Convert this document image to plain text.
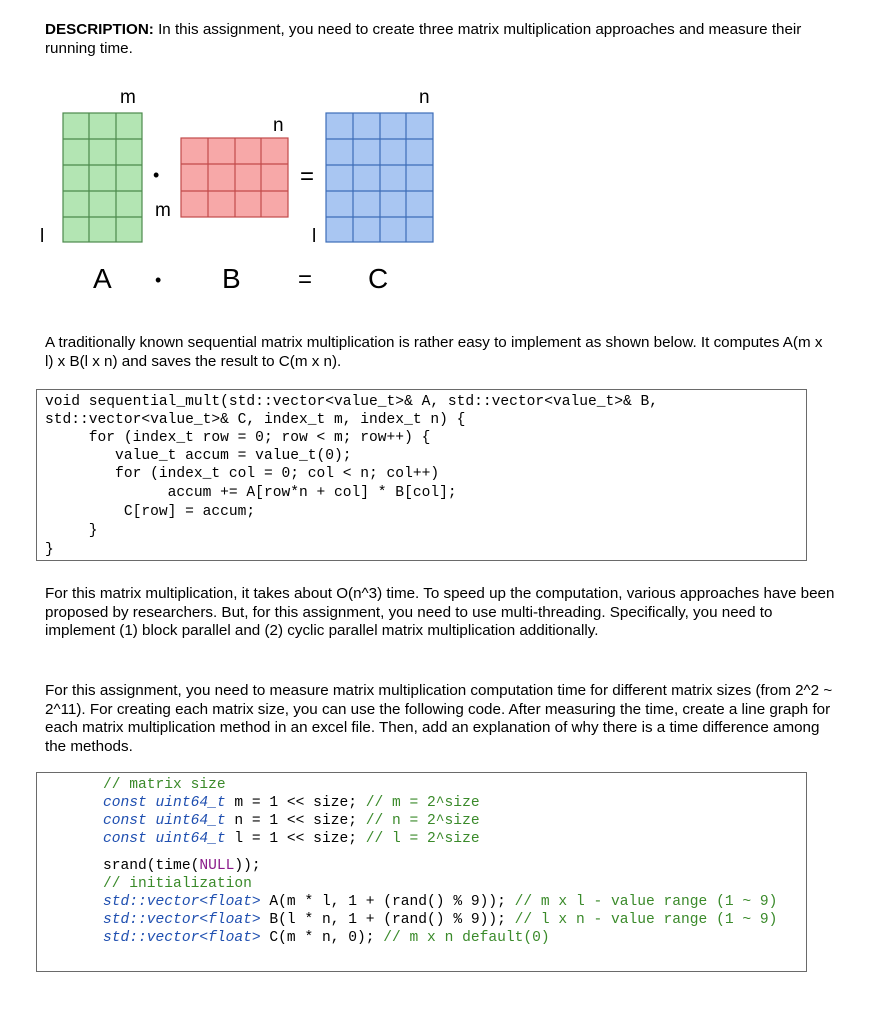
DESCRIPTION: In this assignment, you need to create three matrix multiplication approaches and measure their running time.
m
n
n
l
m
l
•	=
A • B = C
A traditionally known sequential matrix multiplication is rather easy to implement as shown below. It computes A(m x l) x B(l x n) and saves the result to C(m x n).
void sequential_mult(std::vector<value_t>& A, std::vector<value_t>& B,
std::vector<value_t>& C, index_t m, index_t n) {
for (index_t row = 0; row < m; row++) {
value_t accum = value_t(0);
for (index_t col = 0; col < n; col++)
accum += A[row*n + col] * B[col];
C[row] = accum;
}
}
For this matrix multiplication, it takes about O(n^3) time. To speed up the computation, various approaches have been proposed by researchers. But, for this assignment, you need to use multi-threading. Specifically, you need to implement (1) block parallel and (2) cyclic parallel matrix multiplication additionally.
For this assignment, you need to measure matrix multiplication computation time for different matrix sizes (from 2^2 ~ 2^11). For creating each matrix size, you can use the following code. After measuring the time, create a line graph for each matrix multiplication method in an excel file. Then, add an explanation of why there is a time difference among the methods.
// matrix size
const uint64_t m = 1 << size; // m = 2^size
const uint64_t n = 1 << size; // n = 2^size
const uint64_t l = 1 << size; // l = 2^size
srand(time(NULL));
// initialization
std::vector<float> A(m * l, 1 + (rand() % 9)); // m x l - value range (1 ~ 9)
std::vector<float> B(l * n, 1 + (rand() % 9)); // l x n - value range (1 ~ 9)
std::vector<float> C(m * n, 0); // m x n default(0)
